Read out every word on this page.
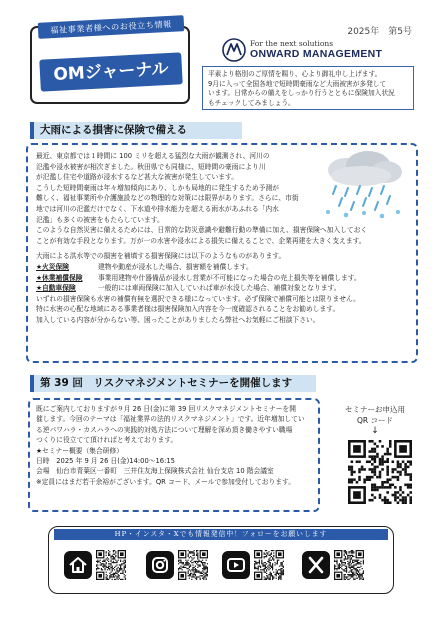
福祉事業者様へのお役立ち情報
OMジャーナル
2025年　第5号
For the next solutions
ONWARD MANAGEMENT
平素より格別のご厚情を賜り、心より御礼申し上げます。
9月に入って全国各地で短時間豪雨など大雨被害が多発して
います。日常からの備えをしっかり行うとともに保険加入状況
もチェックしてみましょう。
大雨による損害に保険で備える

最近、東京都では１時間に 100 ミリを超える猛烈な大雨が観測され、河川の

氾濫や浸水被害が相次ぎました。秋田県でも同様に、短時間の豪雨により川

が氾濫し住宅や道路が浸水するなど甚大な被害が発生しています。

こうした短時間豪雨は年々増加傾向にあり、しかも局地的に発生するため予測が

難しく、福祉事業所や介護施設などの物理的な対策には限界があります。さらに、市街

地では河川の氾濫だけでなく、下水道や排水能力を超える雨水があふれる「内水

氾濫」も多くの被害をもたらしています。

このような自然災害に備えるためには、日常的な防災意識や避難行動の準備に加え、損害保険へ加入しておく

ことが有効な手段となります。万が一の水害や浸水による損失に備えることで、企業再建を大きく支えます。

大雨による洪水等での損害を補填する損害保険には以下のようなものがあります。

★火災保険	建物や動産が浸水した場合、損害額を補償します。

★休業補償保険 事業用建物や什器備品が浸水し営業が不可能になった場合の売上損失等を補償します。

★自動車保険	一般的には車両保険に加入していれば車が水没した場合、補償対象となります。

いずれの損害保険も水害の補償有無を選択できる様になっています。必ず保険で補償可能とは限りません。

特に水害の心配な地域にある事業者様は損害保険加入内容を今一度確認されることをお勧めします。

加入している内容が分からない等、困ったことがありましたら弊社へお気軽にご相談下さい。

第 39 回　リスクマネジメントセミナーを開催します

既にご案内しておりますが９月 26 日(金)に第 39 回リスクマネジメントセミナーを開

催します。今回のテーマは「福祉業界の法的リスクマネジメント」です。近年増加してい

る逆パワハラ・カスハラへの実践的対処方法について理解を深め頂き働きやすい職場

つくりに役立てて頂ければと考えております。

★セミナー概要（集合研修）

日時　2025 年 9 月 26 日(金)14:00～16:15

会場　仙台市青葉区一番町　三井住友海上保険株式会社 仙台支店 10 階会議室

※定員にはまだ若干余裕がございます。QR コード、メールで参加受付しております。

セミナーお申込用
QR コード
↓
HP・インスタ・Xでも情報発信中！フォローをお願いします
